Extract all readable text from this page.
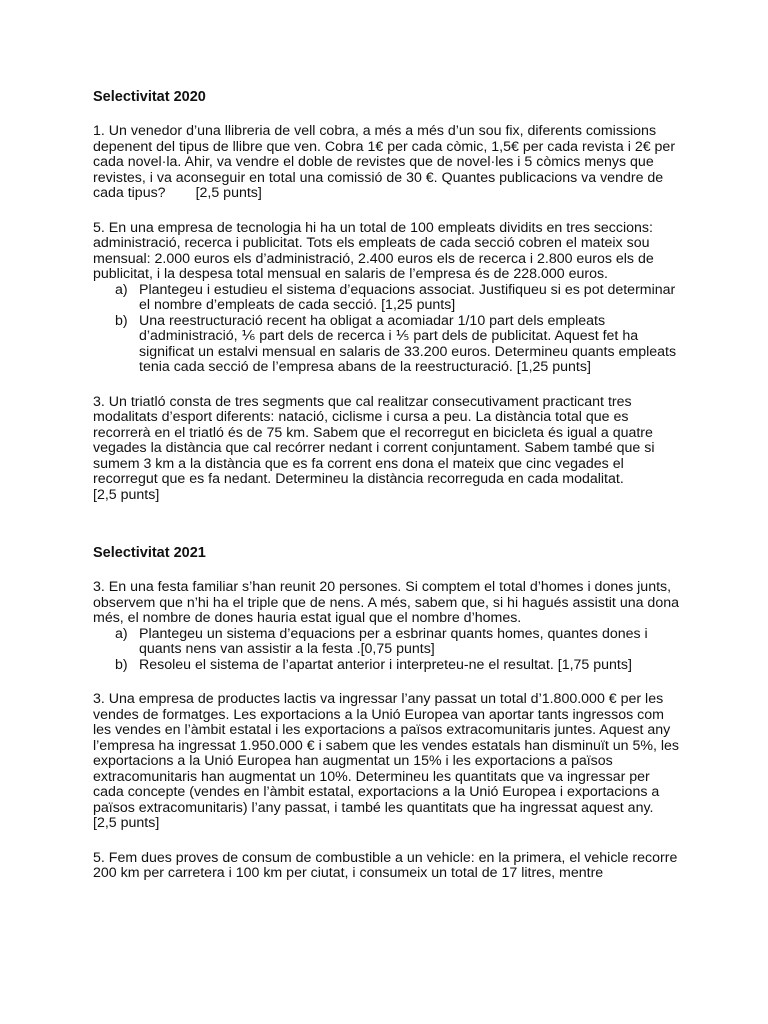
Selectivitat 2020

1. Un venedor d’una llibreria de vell cobra, a més a més d’un sou fix, diferents comissions depenent del tipus de llibre que ven. Cobra 1€ per cada còmic, 1,5€ per cada revista i 2€ per cada novel·la. Ahir, va vendre el doble de revistes que de novel·les i 5 còmics menys que revistes, i va aconseguir en total una comissió de 30 €. Quantes publicacions va vendre de cada tipus? [2,5 punts]

5. En una empresa de tecnologia hi ha un total de 100 empleats dividits en tres seccions: administració, recerca i publicitat. Tots els empleats de cada secció cobren el mateix sou mensual: 2.000 euros els d’administració, 2.400 euros els de recerca i 2.800 euros els de publicitat, i la despesa total mensual en salaris de l’empresa és de 228.000 euros.

a) Plantegeu i estudieu el sistema d’equacions associat. Justifiqueu si es pot determinar el nombre d’empleats de cada secció. [1,25 punts]
b) Una reestructuració recent ha obligat a acomiadar 1/10 part dels empleats d’administració, ⅙ part dels de recerca i ⅕ part dels de publicitat. Aquest fet ha significat un estalvi mensual en salaris de 33.200 euros. Determineu quants empleats tenia cada secció de l’empresa abans de la reestructuració. [1,25 punts]

3. Un triatló consta de tres segments que cal realitzar consecutivament practicant tres modalitats d’esport diferents: natació, ciclisme i cursa a peu. La distància total que es recorrerà en el triatló és de 75 km. Sabem que el recorregut en bicicleta és igual a quatre vegades la distància que cal recórrer nedant i corrent conjuntament. Sabem també que si sumem 3 km a la distància que es fa corrent ens dona el mateix que cinc vegades el recorregut que es fa nedant. Determineu la distància recorreguda en cada modalitat.

[2,5 punts]

Selectivitat 2021

3. En una festa familiar s’han reunit 20 persones. Si comptem el total d’homes i dones junts, observem que n’hi ha el triple que de nens. A més, sabem que, si hi hagués assistit una dona més, el nombre de dones hauria estat igual que el nombre d’homes.

a) Plantegeu un sistema d’equacions per a esbrinar quants homes, quantes dones i quants nens van assistir a la festa .[0,75 punts]
b) Resoleu el sistema de l’apartat anterior i interpreteu-ne el resultat. [1,75 punts]

3. Una empresa de productes lactis va ingressar l’any passat un total d’1.800.000 € per les vendes de formatges. Les exportacions a la Unió Europea van aportar tants ingressos com les vendes en l’àmbit estatal i les exportacions a països extracomunitaris juntes. Aquest any l’empresa ha ingressat 1.950.000 € i sabem que les vendes estatals han disminuït un 5%, les exportacions a la Unió Europea han augmentat un 15% i les exportacions a països extracomunitaris han augmentat un 10%. Determineu les quantitats que va ingressar per cada concepte (vendes en l’àmbit estatal, exportacions a la Unió Europea i exportacions a països extracomunitaris) l’any passat, i també les quantitats que ha ingressat aquest any.

[2,5 punts]

5. Fem dues proves de consum de combustible a un vehicle: en la primera, el vehicle recorre 200 km per carretera i 100 km per ciutat, i consumeix un total de 17 litres, mentre
